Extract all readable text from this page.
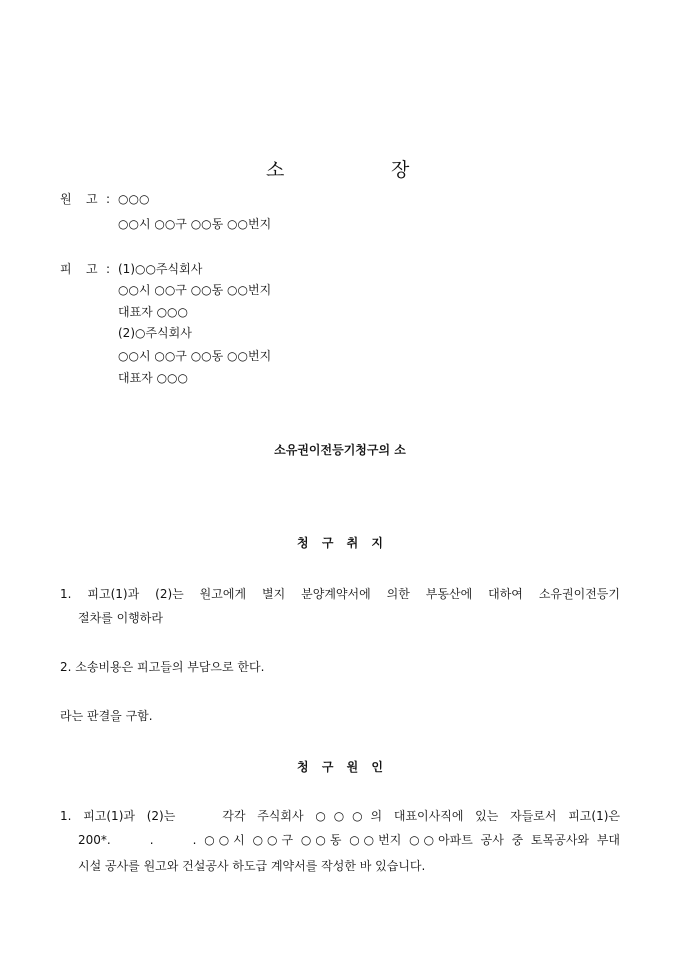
소	장
원 고 : ○○○
○○시 ○○구 ○○동 ○○번지
피 고 : (1)○○주식회사
○○시 ○○구 ○○동 ○○번지
대표자 ○○○
(2)○주식회사
○○시 ○○구 ○○동 ○○번지
대표자 ○○○
소유권이전등기청구의 소
청 구 취 지
1. 피고(1)과 (2)는 원고에게 별지 분양계약서에 의한 부동산에 대하여 소유권이전등기
절차를 이행하라
2. 소송비용은 피고들의 부담으로 한다.
라는 판결을 구함.
청 구 원 인
1. 피고(1)과 (2)는    각각 주식회사 ○○○의 대표이사직에 있는 자들로서 피고(1)은
200*.     .     . ○○시 ○○구 ○○동 ○○번지 ○○아파트 공사 중 토목공사와 부대
시설 공사를 원고와 건설공사 하도급 계약서를 작성한 바 있습니다.
